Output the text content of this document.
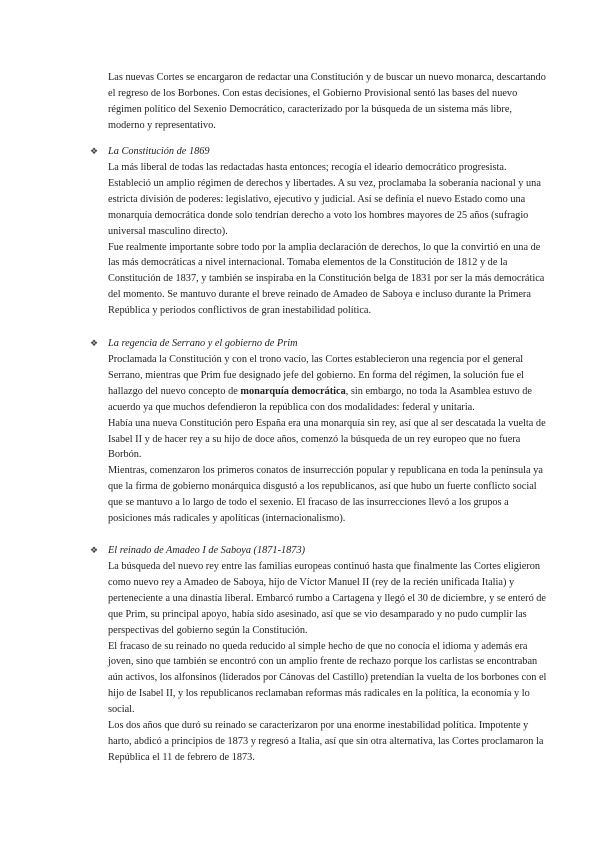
Las nuevas Cortes se encargaron de redactar una Constitución y de buscar un nuevo monarca, descartando el regreso de los Borbones. Con estas decisiones, el Gobierno Provisional sentó las bases del nuevo régimen político del Sexenio Democrático, caracterizado por la búsqueda de un sistema más libre, moderno y representativo.

❖ La Constitución de 1869

La más liberal de todas las redactadas hasta entonces; recogía el ideario democrático progresista. Estableció un amplio régimen de derechos y libertades. A su vez, proclamaba la soberanía nacional y una estricta división de poderes: legislativo, ejecutivo y judicial. Así se definía el nuevo Estado como una monarquía democrática donde solo tendrían derecho a voto los hombres mayores de 25 años (sufragio universal masculino directo).

Fue realmente importante sobre todo por la amplia declaración de derechos, lo que la convirtió en una de las más democráticas a nivel internacional. Tomaba elementos de la Constitución de 1812 y de la Constitución de 1837, y también se inspiraba en la Constitución belga de 1831 por ser la más democrática del momento. Se mantuvo durante el breve reinado de Amadeo de Saboya e incluso durante la Primera República y periodos conflictivos de gran inestabilidad política.

❖ La regencia de Serrano y el gobierno de Prim

Proclamada la Constitución y con el trono vacío, las Cortes establecieron una regencia por el general Serrano, mientras que Prim fue designado jefe del gobierno. En forma del régimen, la solución fue el hallazgo del nuevo concepto de monarquía democrática, sin embargo, no toda la Asamblea estuvo de acuerdo ya que muchos defendieron la república con dos modalidades: federal y unitaria.

Había una nueva Constitución pero España era una monarquía sin rey, así que al ser descatada la vuelta de Isabel II y de hacer rey a su hijo de doce años, comenzó la búsqueda de un rey europeo que no fuera Borbón.

Mientras, comenzaron los primeros conatos de insurrección popular y republicana en toda la península ya que la firma de gobierno monárquica disgustó a los republicanos, así que hubo un fuerte conflicto social que se mantuvo a lo largo de todo el sexenio. El fracaso de las insurrecciones llevó a los grupos a posiciones más radicales y apolíticas (internacionalismo).

❖ El reinado de Amadeo I de Saboya (1871-1873)

La búsqueda del nuevo rey entre las familias europeas continuó hasta que finalmente las Cortes eligieron como nuevo rey a Amadeo de Saboya, hijo de Víctor Manuel II (rey de la recién unificada Italia) y perteneciente a una dinastía liberal. Embarcó rumbo a Cartagena y llegó el 30 de diciembre, y se enteró de que Prim, su principal apoyo, había sido asesinado, así que se vio desamparado y no pudo cumplir las perspectivas del gobierno según la Constitución.

El fracaso de su reinado no queda reducido al simple hecho de que no conocía el idioma y además era joven, sino que también se encontró con un amplio frente de rechazo porque los carlistas se encontraban aún activos, los alfonsinos (liderados por Cánovas del Castillo) pretendían la vuelta de los borbones con el hijo de Isabel II, y los republicanos reclamaban reformas más radicales en la política, la economía y lo social.

Los dos años que duró su reinado se caracterizaron por una enorme inestabilidad política. Impotente y harto, abdicó a principios de 1873 y regresó a Italia, así que sin otra alternativa, las Cortes proclamaron la República el 11 de febrero de 1873.
